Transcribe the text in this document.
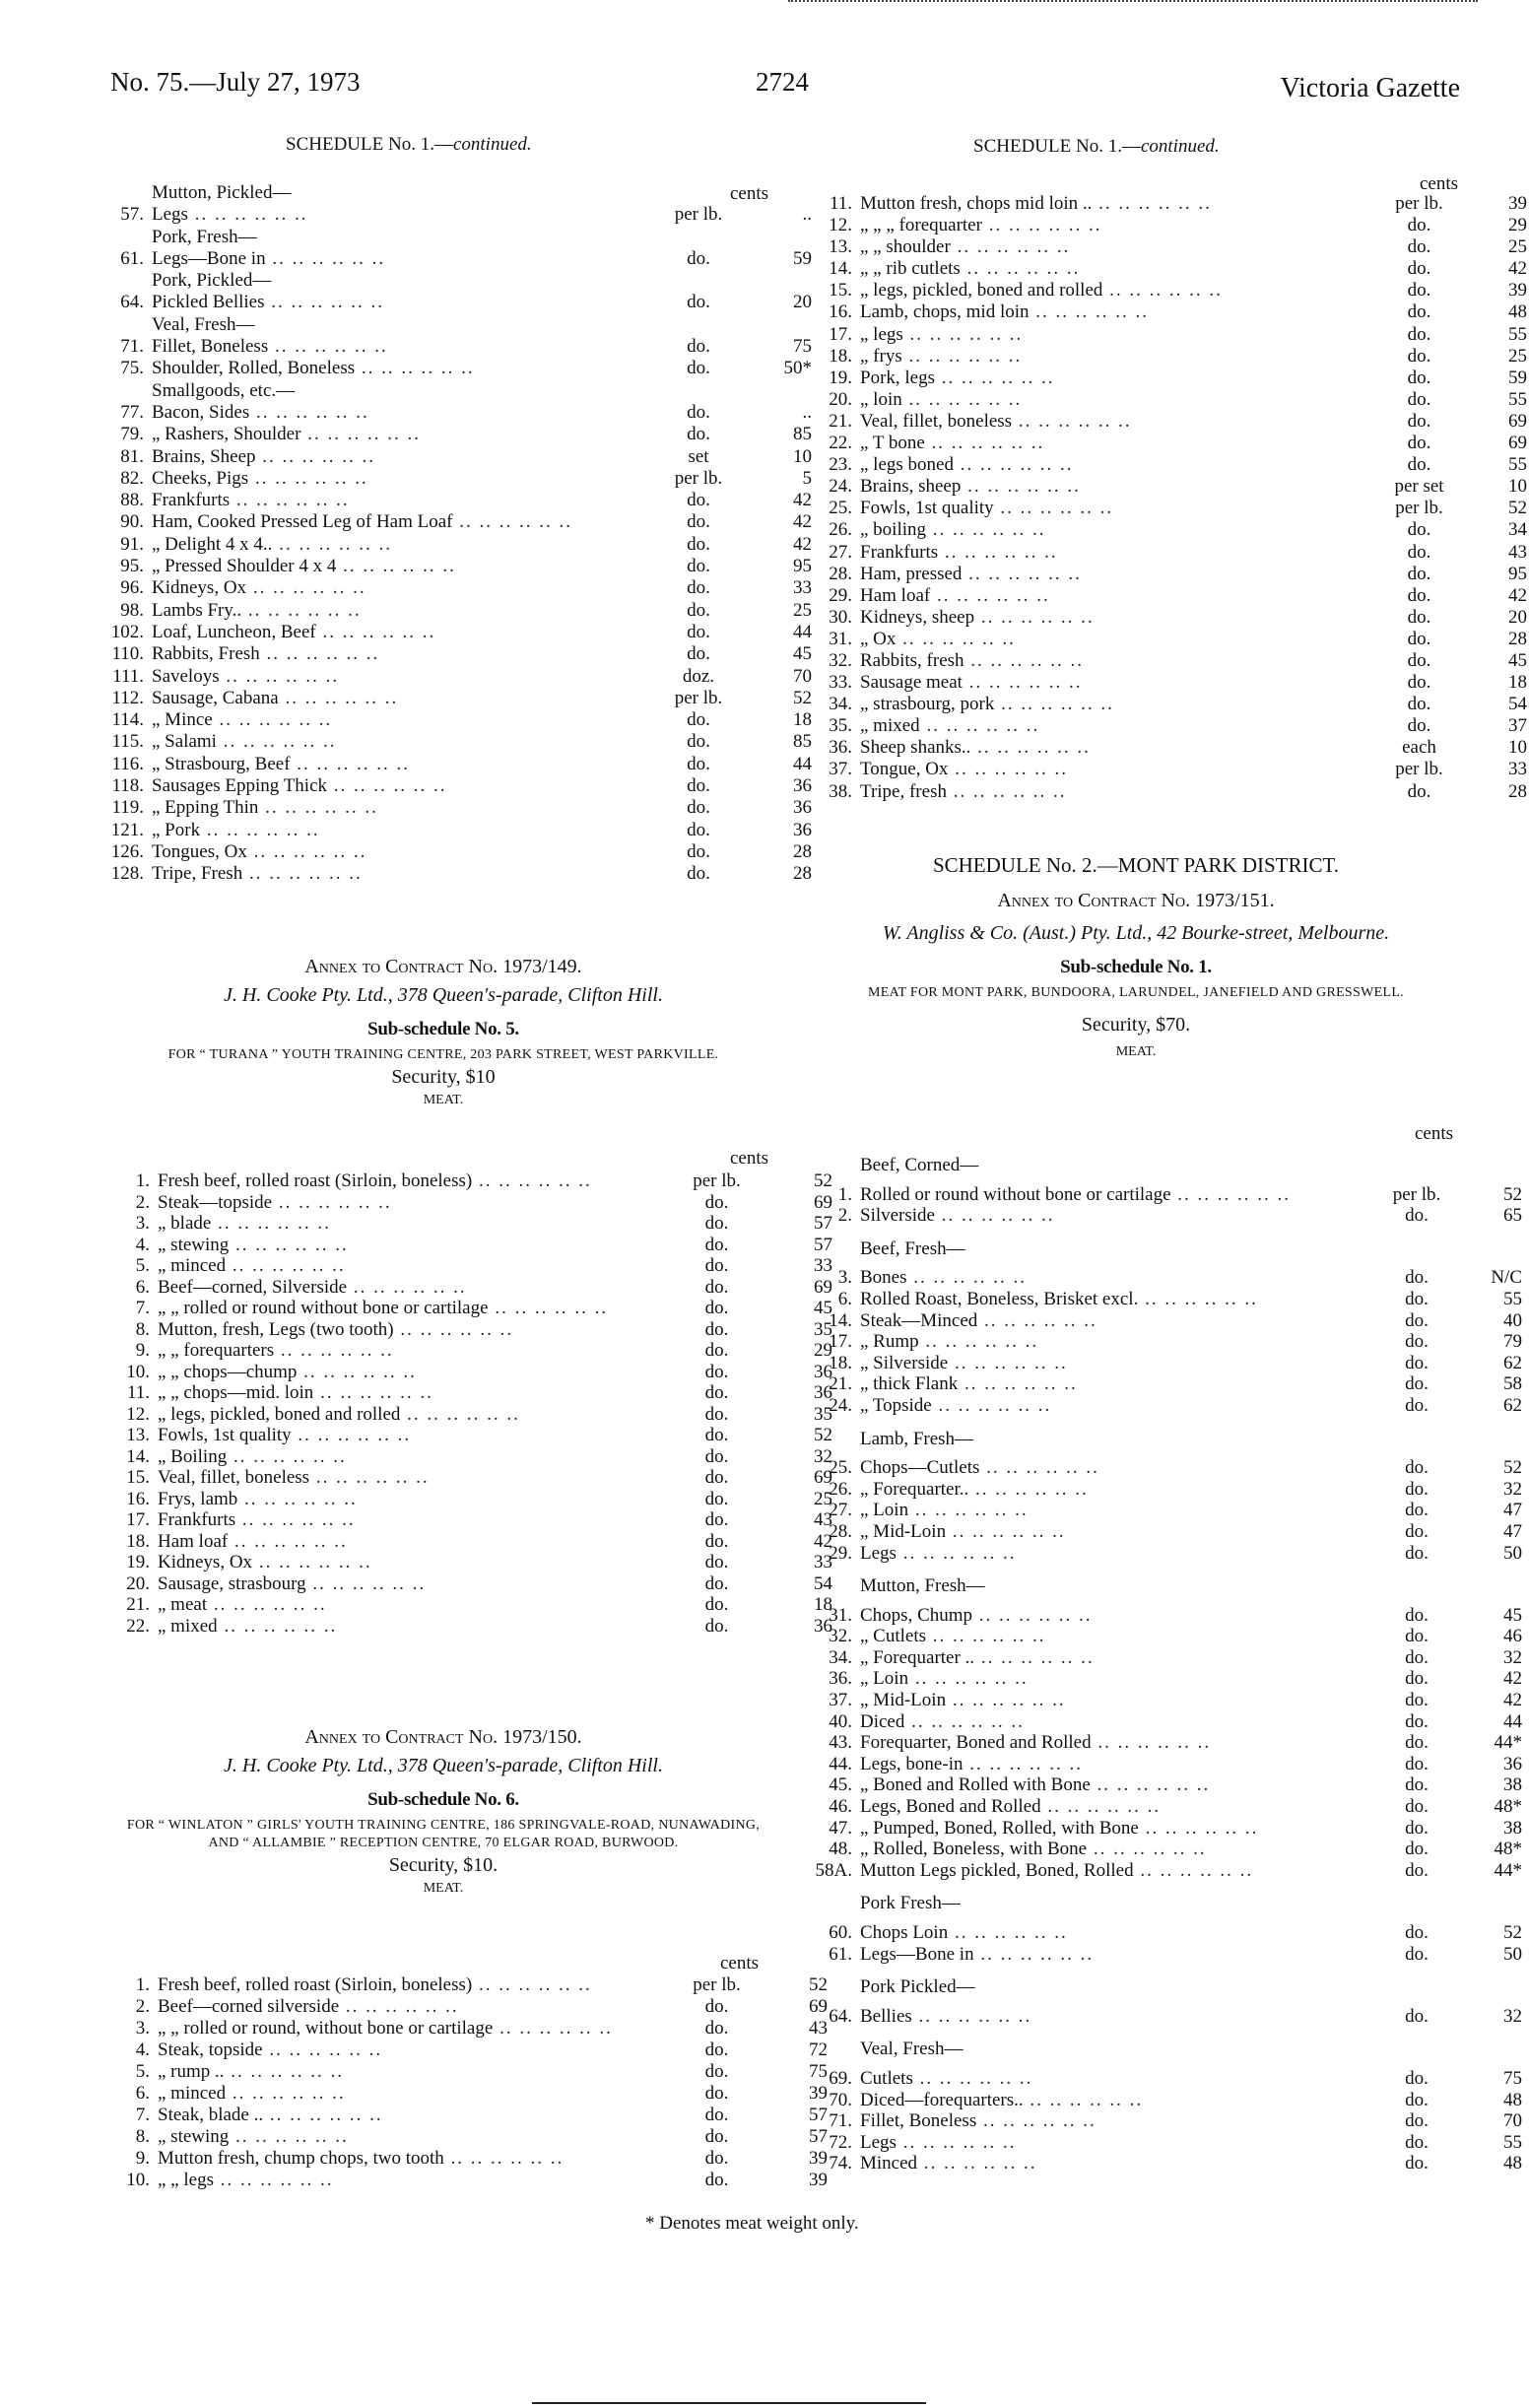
No. 75.—July 27, 1973	2724	Victoria Gazette
SCHEDULE No. 1.—continued.
cents
	Mutton, Pickled—		
57.	Legs .. .. .. .. .. ..	per lb.	..
	Pork, Fresh—		
61.	Legs—Bone in .. .. .. .. .. ..	do.	59
	Pork, Pickled—		
64.	Pickled Bellies .. .. .. .. .. ..	do.	20
	Veal, Fresh—		
71.	Fillet, Boneless .. .. .. .. .. ..	do.	75
75.	Shoulder, Rolled, Boneless .. .. .. .. .. ..	do.	50*
	Smallgoods, etc.—		
77.	Bacon, Sides .. .. .. .. .. ..	do.	..
79.	„ Rashers, Shoulder .. .. .. .. .. ..	do.	85
81.	Brains, Sheep .. .. .. .. .. ..	set	10
82.	Cheeks, Pigs .. .. .. .. .. ..	per lb.	5
88.	Frankfurts .. .. .. .. .. ..	do.	42
90.	Ham, Cooked Pressed Leg of Ham Loaf .. .. .. .. .. ..	do.	42
91.	„ Delight 4 x 4.. .. .. .. .. .. ..	do.	42
95.	„ Pressed Shoulder 4 x 4 .. .. .. .. .. ..	do.	95
96.	Kidneys, Ox .. .. .. .. .. ..	do.	33
98.	Lambs Fry.. .. .. .. .. .. ..	do.	25
102.	Loaf, Luncheon, Beef .. .. .. .. .. ..	do.	44
110.	Rabbits, Fresh .. .. .. .. .. ..	do.	45
111.	Saveloys .. .. .. .. .. ..	doz.	70
112.	Sausage, Cabana .. .. .. .. .. ..	per lb.	52
114.	„ Mince .. .. .. .. .. ..	do.	18
115.	„ Salami .. .. .. .. .. ..	do.	85
116.	„ Strasbourg, Beef .. .. .. .. .. ..	do.	44
118.	Sausages Epping Thick .. .. .. .. .. ..	do.	36
119.	„ Epping Thin .. .. .. .. .. ..	do.	36
121.	„ Pork .. .. .. .. .. ..	do.	36
126.	Tongues, Ox .. .. .. .. .. ..	do.	28
128.	Tripe, Fresh .. .. .. .. .. ..	do.	28
Annex to Contract No. 1973/149.
J. H. Cooke Pty. Ltd., 378 Queen's-parade, Clifton Hill.
Sub-schedule No. 5.
FOR “ TURANA ” YOUTH TRAINING CENTRE, 203 PARK STREET, WEST PARKVILLE.
Security, $10
MEAT.
cents
1.	Fresh beef, rolled roast (Sirloin, boneless) .. .. .. .. .. ..	per lb.	52
2.	Steak—topside .. .. .. .. .. ..	do.	69
3.	„ blade .. .. .. .. .. ..	do.	57
4.	„ stewing .. .. .. .. .. ..	do.	57
5.	„ minced .. .. .. .. .. ..	do.	33
6.	Beef—corned, Silverside .. .. .. .. .. ..	do.	69
7.	„ „ rolled or round without bone or cartilage .. .. .. .. .. ..	do.	45
8.	Mutton, fresh, Legs (two tooth) .. .. .. .. .. ..	do.	35
9.	„ „ forequarters .. .. .. .. .. ..	do.	29
10.	„ „ chops—chump .. .. .. .. .. ..	do.	36
11.	„ „ chops—mid. loin .. .. .. .. .. ..	do.	36
12.	„ legs, pickled, boned and rolled .. .. .. .. .. ..	do.	35
13.	Fowls, 1st quality .. .. .. .. .. ..	do.	52
14.	„ Boiling .. .. .. .. .. ..	do.	32
15.	Veal, fillet, boneless .. .. .. .. .. ..	do.	69
16.	Frys, lamb .. .. .. .. .. ..	do.	25
17.	Frankfurts .. .. .. .. .. ..	do.	43
18.	Ham loaf .. .. .. .. .. ..	do.	42
19.	Kidneys, Ox .. .. .. .. .. ..	do.	33
20.	Sausage, strasbourg .. .. .. .. .. ..	do.	54
21.	„ meat .. .. .. .. .. ..	do.	18
22.	„ mixed .. .. .. .. .. ..	do.	36
Annex to Contract No. 1973/150.
J. H. Cooke Pty. Ltd., 378 Queen's-parade, Clifton Hill.
Sub-schedule No. 6.
FOR “ WINLATON ” GIRLS' YOUTH TRAINING CENTRE, 186 SPRINGVALE-ROAD, NUNAWADING, AND “ ALLAMBIE ” RECEPTION CENTRE, 70 ELGAR ROAD, BURWOOD.
Security, $10.
MEAT.
cents
1.	Fresh beef, rolled roast (Sirloin, boneless) .. .. .. .. .. ..	per lb.	52
2.	Beef—corned silverside .. .. .. .. .. ..	do.	69
3.	„ „ rolled or round, without bone or cartilage .. .. .. .. .. ..	do.	43
4.	Steak, topside .. .. .. .. .. ..	do.	72
5.	„ rump .. .. .. .. .. .. ..	do.	75
6.	„ minced .. .. .. .. .. ..	do.	39
7.	Steak, blade .. .. .. .. .. .. ..	do.	57
8.	„ stewing .. .. .. .. .. ..	do.	57
9.	Mutton fresh, chump chops, two tooth .. .. .. .. .. ..	do.	39
10.	„ „ legs .. .. .. .. .. ..	do.	39
SCHEDULE No. 1.—continued.
cents
11.	Mutton fresh, chops mid loin .. .. .. .. .. .. ..	per lb.	39
12.	„ „ „ forequarter .. .. .. .. .. ..	do.	29
13.	„ „ shoulder .. .. .. .. .. ..	do.	25
14.	„ „ rib cutlets .. .. .. .. .. ..	do.	42
15.	„ legs, pickled, boned and rolled .. .. .. .. .. ..	do.	39
16.	Lamb, chops, mid loin .. .. .. .. .. ..	do.	48
17.	„ legs .. .. .. .. .. ..	do.	55
18.	„ frys .. .. .. .. .. ..	do.	25
19.	Pork, legs .. .. .. .. .. ..	do.	59
20.	„ loin .. .. .. .. .. ..	do.	55
21.	Veal, fillet, boneless .. .. .. .. .. ..	do.	69
22.	„ T bone .. .. .. .. .. ..	do.	69
23.	„ legs boned .. .. .. .. .. ..	do.	55
24.	Brains, sheep .. .. .. .. .. ..	per set	10
25.	Fowls, 1st quality .. .. .. .. .. ..	per lb.	52
26.	„ boiling .. .. .. .. .. ..	do.	34
27.	Frankfurts .. .. .. .. .. ..	do.	43
28.	Ham, pressed .. .. .. .. .. ..	do.	95
29.	Ham loaf .. .. .. .. .. ..	do.	42
30.	Kidneys, sheep .. .. .. .. .. ..	do.	20
31.	„ Ox .. .. .. .. .. ..	do.	28
32.	Rabbits, fresh .. .. .. .. .. ..	do.	45
33.	Sausage meat .. .. .. .. .. ..	do.	18
34.	„ strasbourg, pork .. .. .. .. .. ..	do.	54
35.	„ mixed .. .. .. .. .. ..	do.	37
36.	Sheep shanks.. .. .. .. .. .. ..	each	10
37.	Tongue, Ox .. .. .. .. .. ..	per lb.	33
38.	Tripe, fresh .. .. .. .. .. ..	do.	28
SCHEDULE No. 2.—MONT PARK DISTRICT.
Annex to Contract No. 1973/151.
W. Angliss & Co. (Aust.) Pty. Ltd., 42 Bourke-street, Melbourne.
Sub-schedule No. 1.
MEAT FOR MONT PARK, BUNDOORA, LARUNDEL, JANEFIELD AND GRESSWELL.
Security, $70.
MEAT.
cents
	Beef, Corned—		
1.	Rolled or round without bone or cartilage .. .. .. .. .. ..	per lb.	52
2.	Silverside .. .. .. .. .. ..	do.	65
	Beef, Fresh—		
3.	Bones .. .. .. .. .. ..	do.	N/C
6.	Rolled Roast, Boneless, Brisket excl. .. .. .. .. .. ..	do.	55
14.	Steak—Minced .. .. .. .. .. ..	do.	40
17.	„ Rump .. .. .. .. .. ..	do.	79
18.	„ Silverside .. .. .. .. .. ..	do.	62
21.	„ thick Flank .. .. .. .. .. ..	do.	58
24.	„ Topside .. .. .. .. .. ..	do.	62
	Lamb, Fresh—		
25.	Chops—Cutlets .. .. .. .. .. ..	do.	52
26.	„ Forequarter.. .. .. .. .. .. ..	do.	32
27.	„ Loin .. .. .. .. .. ..	do.	47
28.	„ Mid-Loin .. .. .. .. .. ..	do.	47
29.	Legs .. .. .. .. .. ..	do.	50
	Mutton, Fresh—		
31.	Chops, Chump .. .. .. .. .. ..	do.	45
32.	„ Cutlets .. .. .. .. .. ..	do.	46
34.	„ Forequarter .. .. .. .. .. .. ..	do.	32
36.	„ Loin .. .. .. .. .. ..	do.	42
37.	„ Mid-Loin .. .. .. .. .. ..	do.	42
40.	Diced .. .. .. .. .. ..	do.	44
43.	Forequarter, Boned and Rolled .. .. .. .. .. ..	do.	44*
44.	Legs, bone-in .. .. .. .. .. ..	do.	36
45.	„ Boned and Rolled with Bone .. .. .. .. .. ..	do.	38
46.	Legs, Boned and Rolled .. .. .. .. .. ..	do.	48*
47.	„ Pumped, Boned, Rolled, with Bone .. .. .. .. .. ..	do.	38
48.	„ Rolled, Boneless, with Bone .. .. .. .. .. ..	do.	48*
58A.	Mutton Legs pickled, Boned, Rolled .. .. .. .. .. ..	do.	44*
	Pork Fresh—		
60.	Chops Loin .. .. .. .. .. ..	do.	52
61.	Legs—Bone in .. .. .. .. .. ..	do.	50
	Pork Pickled—		
64.	Bellies .. .. .. .. .. ..	do.	32
	Veal, Fresh—		
69.	Cutlets .. .. .. .. .. ..	do.	75
70.	Diced—forequarters.. .. .. .. .. .. ..	do.	48
71.	Fillet, Boneless .. .. .. .. .. ..	do.	70
72.	Legs .. .. .. .. .. ..	do.	55
74.	Minced .. .. .. .. .. ..	do.	48
* Denotes meat weight only.
